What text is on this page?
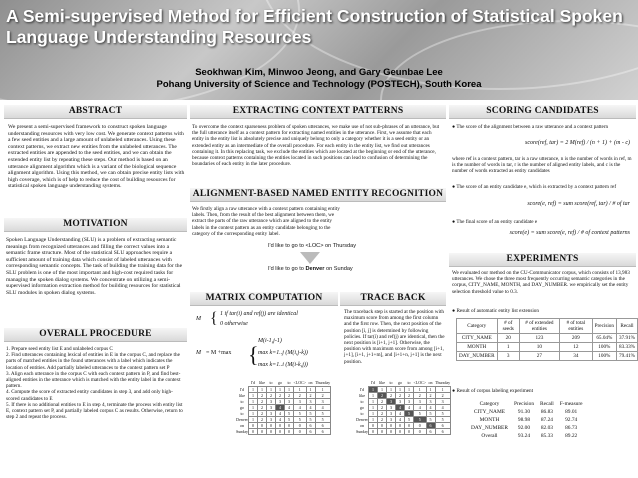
A Semi-supervised Method for Efficient Construction of Statistical Spoken Language Understanding Resources
Seokhwan Kim, Minwoo Jeong, and Gary Geunbae Lee
Pohang University of Science and Technology (POSTECH), South Korea
ABSTRACT
We present a semi-supervised framework to construct spoken language understanding resources with very low cost. We generate context patterns with a few seed entities and a large amount of unlabeled utterances. Using these context patterns, we extract new entities from the unlabeled utterances. The extracted entities are appended to the seed entities, and we can obtain the extended entity list by repeating these steps. Our method is based on an utterance alignment algorithm which is a variant of the biological sequence alignment algorithm. Using this method, we can obtain precise entity lists with high coverage, which is of help to reduce the cost of building resources for statistical spoken language understanding systems.
MOTIVATION
Spoken Language Understanding (SLU) is a problem of extracting semantic meanings from recognized utterances and filling the correct values into a semantic frame structure. Most of the statistical SLU approaches require a sufficient amount of training data which consist of labeled utterances with corresponding semantic concepts. The task of building the training data for the SLU problem is one of the most important and high-cost required tasks for managing the spoken dialog systems. We concentrate on utilizing a semi-supervised information extraction method for building resources for statistical SLU modules in spoken dialog systems.
OVERALL PROCEDURE

1. Prepare seed entity list E and unlabeled corpus C

2. Find utterances containing lexical of entities in E in the corpus C, and replace the parts of matched entities in the found utterances with a label which indicates the location of entities. Add partially labeled utterances to the context pattern set P

3. Align each utterance in the corpus C with each context pattern in P, and find best-aligned entities in the utterance which is matched with the entity label in the context pattern.

4. Compute the score of extracted entity candidates in step 3, and add only high-scored candidates to E

5. If there is no additional entities to E in step 4, terminate the process with entity list E, context pattern set P, and partially labeled corpus C as results. Otherwise, return to step 2 and repeat the process.

EXTRACTING CONTEXT PATTERNS
To overcome the context sparseness problem of spoken utterances, we make use of not sub-phrases of an utterance, but the full utterance itself as a context pattern for extracting named entities in the utterance. First, we assume that each entity in the entity list is absolutely precise and uniquely belong to only a category whether it is a seed entity or an extended entity as an intermediate of the overall procedure. For each entity in the entity list, we find out utterances containing it. In this replacing task, we exclude the entities which are located at the beginning or end of the utterance, because context patterns containing the entities located in such positions can lead to confusion of determining the boundaries of each entity in the later procedure.
ALIGNMENT-BASED NAMED ENTITY RECOGNITION
We firstly align a raw utterance with a context pattern containing entity labels. Then, from the result of the best alignment between them, we extract the parts of the raw utterance which are aligned to the entity labels in the context pattern as an entity candidate belonging to the category of the corresponding entity label.
I'd like to go to <LOC> on Thursday
I'd like to go to Denver on Sunday
MATRIX COMPUTATION
M { 1 if tar(i) and ref(j) are identical
0 otherwise
M = M +max {
M(i-1,j-1)
max k=1..j (M(i,j-k))
max k=1..i (M(i-k,j))
	I'd	like	to	go	to	<LOC>	on	Thursday
I'd	1	1	1	1	1	1	1	1
like	1	2	2	2	2	2	2	2
to	1	2	3	3	3	3	3	3
go	1	2	3	4	4	4	4	4
to	1	2	3	4	5	5	5	5
Denver	1	2	3	4	5	5	5	5
on	0	0	0	0	0	0	6	6
Sunday	0	0	0	0	0	0	6	6
TRACE BACK
The traceback step is started at the position with maximum score from among the first column and the first row. Then, the next position of the position [i, j] is determined by following policies. If tar(i) and ref(j) are identical, then the next position is [i+1, j+1]. Otherwise, the position with maximum score from among [i+1, j+1], [i+1, j+1+m], and [i+1+n, j+1] is the next position.
	I'd	like	to	go	to	<LOC>	on	Thursday
I'd	1	1	1	1	1	1	1	1
like	1	2	2	2	2	2	2	2
to	1	2	3	3	3	3	3	3
go	1	2	3	4	4	4	4	4
to	1	2	3	4	5	5	5	5
Denver	1	2	3	4	5	5	5	5
on	0	0	0	0	0	0	6	6
Sunday	0	0	0	0	0	0	6	6
SCORING CANDIDATES
● The score of the alignment between a raw utterance and a context pattern
score(ref, tar) = 2 M(ref) / (n + 1) + (m - c)
where ref is a context pattern, tar is a raw utterance, n is the number of words in ref, m is the number of words in tar, r is the number of aligned entity labels, and c is the number of words extracted as entity candidates
● The score of an entity candidate e, which is extracted by a context pattern ref
score(e, ref) = sum score(ref, tar) / # of tar
● The final score of an entity candidate e
score(e) = sum score(e, ref) / # of context patterns
EXPERIMENTS
We evaluated our method on the CU-Communicator corpus, which consists of 13,983 utterances. We chose the three most frequently occurring semantic categories in the corpus, CITY_NAME, MONTH, and DAY_NUMBER. we empirically set the entity selection threshold value to 0.3.
● Result of automatic entity list extension
Category	# of seeds	# of extended entities	# of total entities	Precision	Recall
CITY_NAME	20	123	209	65.04%	37.91%
MONTH	1	10	12	100%	83.33%
DAY_NUMBER	3	27	34	100%	79.41%
● Result of corpus labeling experiment
Category	Precision	Recall	F-measure
CITY_NAME	91.30	86.83	89.01
MONTH	98.98	87.24	92.74
DAY_NUMBER	92.00	82.03	86.73
Overall	93.24	85.33	89.22
